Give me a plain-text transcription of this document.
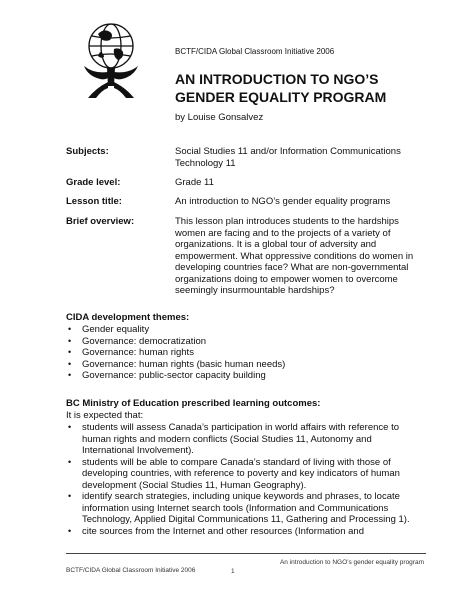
BCTF/CIDA Global Classroom Initiative 2006
AN INTRODUCTION TO NGO’S
GENDER EQUALITY PROGRAM
by Louise Gonsalvez
Subjects:	Social Studies 11 and/or Information Communications Technology 11
Grade level:	Grade 11
Lesson title:	An introduction to NGO’s gender equality programs
Brief overview:	This lesson plan introduces students to the hardships women are facing and to the projects of a variety of organizations. It is a global tour of adversity and empowerment. What oppressive conditions do women in developing countries face? What are non-governmental organizations doing to empower women to overcome seemingly insurmountable hardships?
CIDA development themes:
• Gender equality
• Governance: democratization
• Governance: human rights
• Governance: human rights (basic human needs)
• Governance: public-sector capacity building
BC Ministry of Education prescribed learning outcomes:
It is expected that:
• students will assess Canada’s participation in world affairs with reference to human rights and modern conflicts (Social Studies 11, Autonomy and International Involvement).
• students will be able to compare Canada’s standard of living with those of developing countries, with reference to poverty and key indicators of human development (Social Studies 11, Human Geography).
• identify search strategies, including unique keywords and phrases, to locate information using Internet search tools (Information and Communications Technology, Applied Digital Communications 11, Gathering and Processing 1).
• cite sources from the Internet and other resources (Information and
An introduction to NGO’s gender equality program
BCTF/CIDA Global Classroom Initiative 2006	1
